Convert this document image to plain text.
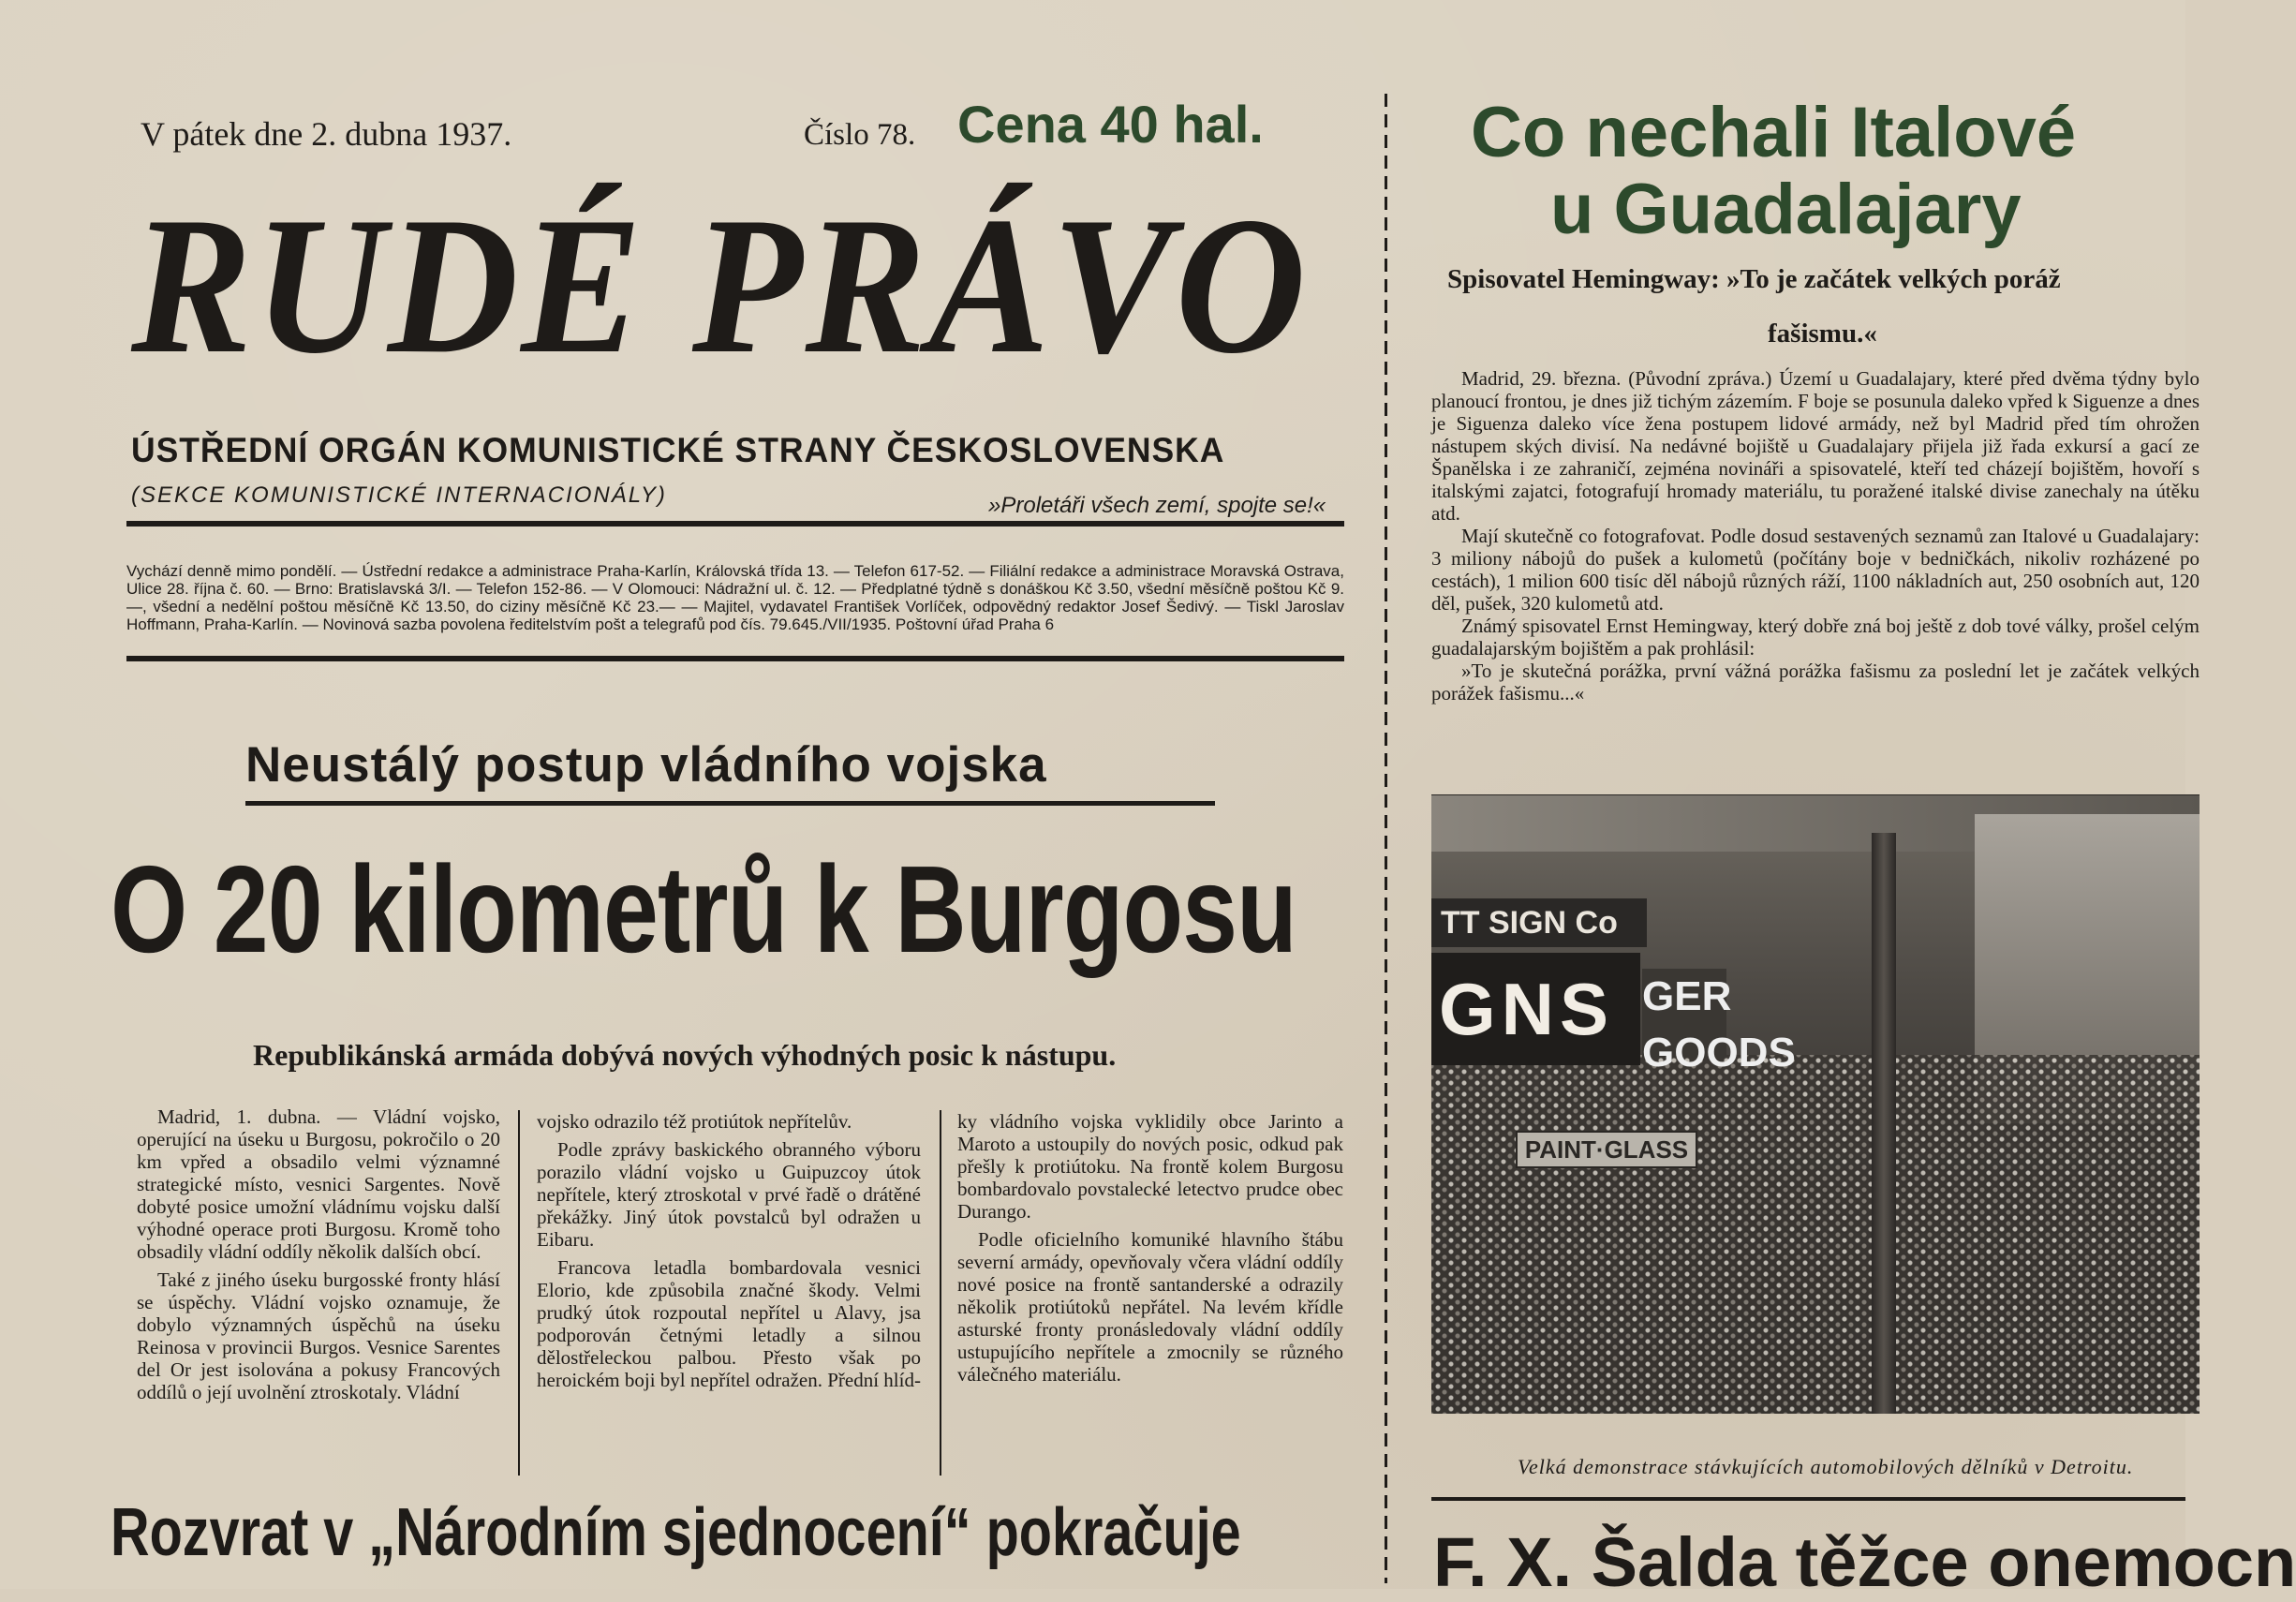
V pátek dne 2. dubna 1937.	Číslo 78. Cena 40 hal.
RUDÉ PRÁVO
ÚSTŘEDNÍ ORGÁN KOMUNISTICKÉ STRANY ČESKOSLOVENSKA
(SEKCE KOMUNISTICKÉ INTERNACIONÁLY)	»Proletáři všech zemí, spojte se!«
Vychází denně mimo pondělí. — Ústřední redakce a administrace Praha-Karlín, Královská třída 13. — Telefon 617-52. — Filiální redakce a administrace Moravská Ostrava, Ulice 28. října č. 60. — Brno: Bratislavská 3/I. — Telefon 152-86. — V Olomouci: Nádražní ul. č. 12. — Předplatné týdně s donáškou Kč 3.50, všední měsíčně poštou Kč 9.—, všední a nedělní poštou měsíčně Kč 13.50, do ciziny měsíčně Kč 23.— — Majitel, vydavatel František Vorlíček, odpovědný redaktor Josef Šedivý. — Tiskl Jaroslav Hoffmann, Praha-Karlín. — Novinová sazba povolena ředitelstvím pošt a telegrafů pod čís. 79.645./VII/1935. Poštovní úřad Praha 6
Neustálý postup vládního vojska
O 20 kilometrů k Burgosu
Republikánská armáda dobývá nových výhodných posic k nástupu.

Madrid, 1. dubna. — Vládní vojsko, operující na úseku u Burgosu, pokročilo o 20 km vpřed a obsadilo velmi významné strategické místo, vesnici Sargentes. Nově dobyté posice umožní vládnímu vojsku další výhodné operace proti Burgosu. Kromě toho obsadily vládní oddíly několik dalších obcí.

Také z jiného úseku burgosské fronty hlásí se úspěchy. Vládní vojsko oznamuje, že dobylo významných úspěchů na úseku Reinosa v provincii Burgos. Vesnice Sarentes del Or jest isolována a pokusy Francových oddílů o její uvolnění ztroskotaly. Vládní

vojsko odrazilo též protiútok nepřítelův.

Podle zprávy baskického obranného výboru porazilo vládní vojsko u Guipuzcoy útok nepřítele, který ztroskotal v prvé řadě o drátěné překážky. Jiný útok povstalců byl odražen u Eibaru.

Francova letadla bombardovala vesnici Elorio, kde způsobila značné škody. Velmi prudký útok rozpoutal nepřítel u Alavy, jsa podporován četnými letadly a silnou dělostřeleckou palbou. Přesto však po heroickém boji byl nepřítel odražen. Přední hlíd-

ky vládního vojska vyklidily obce Jarinto a Maroto a ustoupily do nových posic, odkud pak přešly k protiútoku. Na frontě kolem Burgosu bombardovalo povstalecké letectvo prudce obec Durango.

Podle oficielního komuniké hlavního štábu severní armády, opevňovaly včera vládní oddíly nové posice na frontě santanderské a odrazily několik protiútoků nepřátel. Na levém křídle asturské fronty pronásledovaly vládní oddíly ustupujícího nepřítele a zmocnily se různého válečného materiálu.

Rozvrat v „Národním sjednocení“ pokračuje
Co nechali Italové
u Guadalajary
Spisovatel Hemingway: »To je začátek velkých poráž
fašismu.«

Madrid, 29. března. (Původní zpráva.) Území u Guadalajary, které před dvěma týdny bylo planoucí frontou, je dnes již tichým zázemím. F boje se posunula daleko vpřed k Siguenze a dnes je Siguenza daleko více žena postupem lidové armády, než byl Madrid před tím ohrožen nástupem ských divisí. Na nedávné bojiště u Guadalajary přijela již řada exkursí a gací ze Španělska i ze zahraničí, zejména novináři a spisovatelé, kteří ted cházejí bojištěm, hovoří s italskými zajatci, fotografují hromady materiálu, tu poražené italské divise zanechaly na útěku atd.

Mají skutečně co fotografovat. Podle dosud sestavených seznamů zan Italové u Guadalajary: 3 miliony nábojů do pušek a kulometů (počítány boje v bedničkách, nikoliv rozházené po cestách), 1 milion 600 tisíc děl nábojů různých ráží, 1100 nákladních aut, 250 osobních aut, 120 děl, pušek, 320 kulometů atd.

Známý spisovatel Ernst Hemingway, který dobře zná boj ještě z dob tové války, prošel celým guadalajarským bojištěm a pak prohlásil:

»To je skutečná porážka, první vážná porážka fašismu za poslední let je začátek velkých porážek fašismu...«

TT SIGN Co
GNS GER GOODS
PAINT·GLASS
Velká demonstrace stávkujících automobilových dělníků v Detroitu.
F. X. Šalda těžce onemocn
